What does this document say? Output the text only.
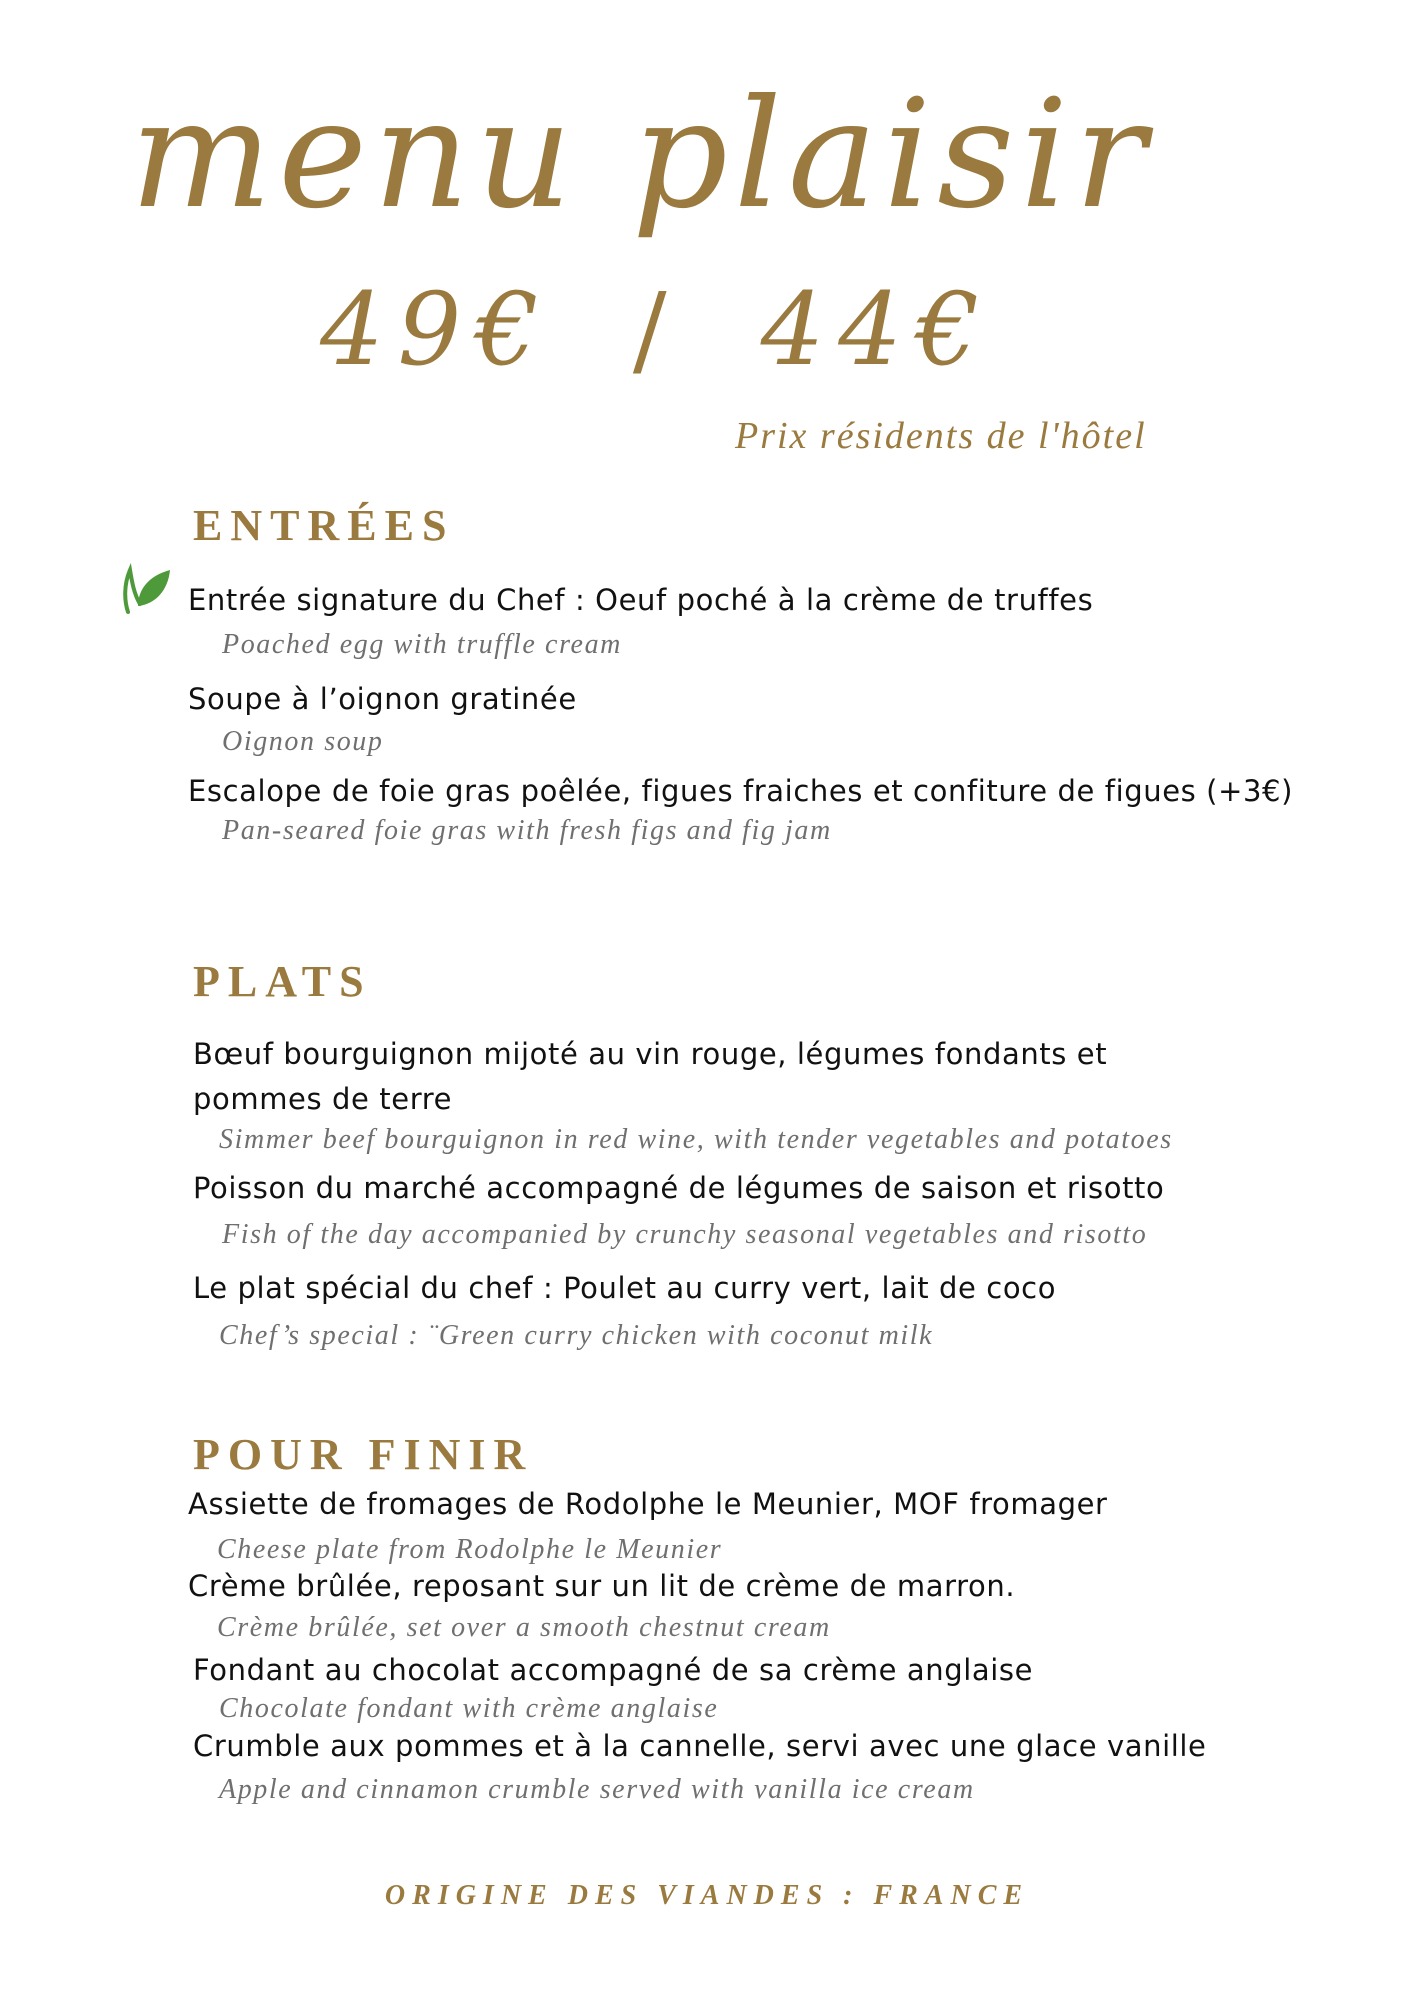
menu plaisir
49€ / 44€
Prix résidents de l'hôtel
ENTRÉES
Entrée signature du Chef : Oeuf poché à la crème de truffes
Poached egg with truffle cream
Soupe à l’oignon gratinée
Oignon soup
Escalope de foie gras poêlée, figues fraiches et confiture de figues (+3€)
Pan-seared foie gras with fresh figs and fig jam
PLATS
Bœuf bourguignon mijoté au vin rouge, légumes fondants et
pommes de terre
Simmer beef bourguignon in red wine, with tender vegetables and potatoes
Poisson du marché accompagné de légumes de saison et risotto
Fish of the day accompanied by crunchy seasonal vegetables and risotto
Le plat spécial du chef : Poulet au curry vert, lait de coco
Chef’s special : ¨Green curry chicken with coconut milk
POUR FINIR
Assiette de fromages de Rodolphe le Meunier, MOF fromager
Cheese plate from Rodolphe le Meunier
Crème brûlée, reposant sur un lit de crème de marron.
Crème brûlée, set over a smooth chestnut cream
Fondant au chocolat accompagné de sa crème anglaise
Chocolate fondant with crème anglaise
Crumble aux pommes et à la cannelle, servi avec une glace vanille
Apple and cinnamon crumble served with vanilla ice cream
ORIGINE DES VIANDES : FRANCE
